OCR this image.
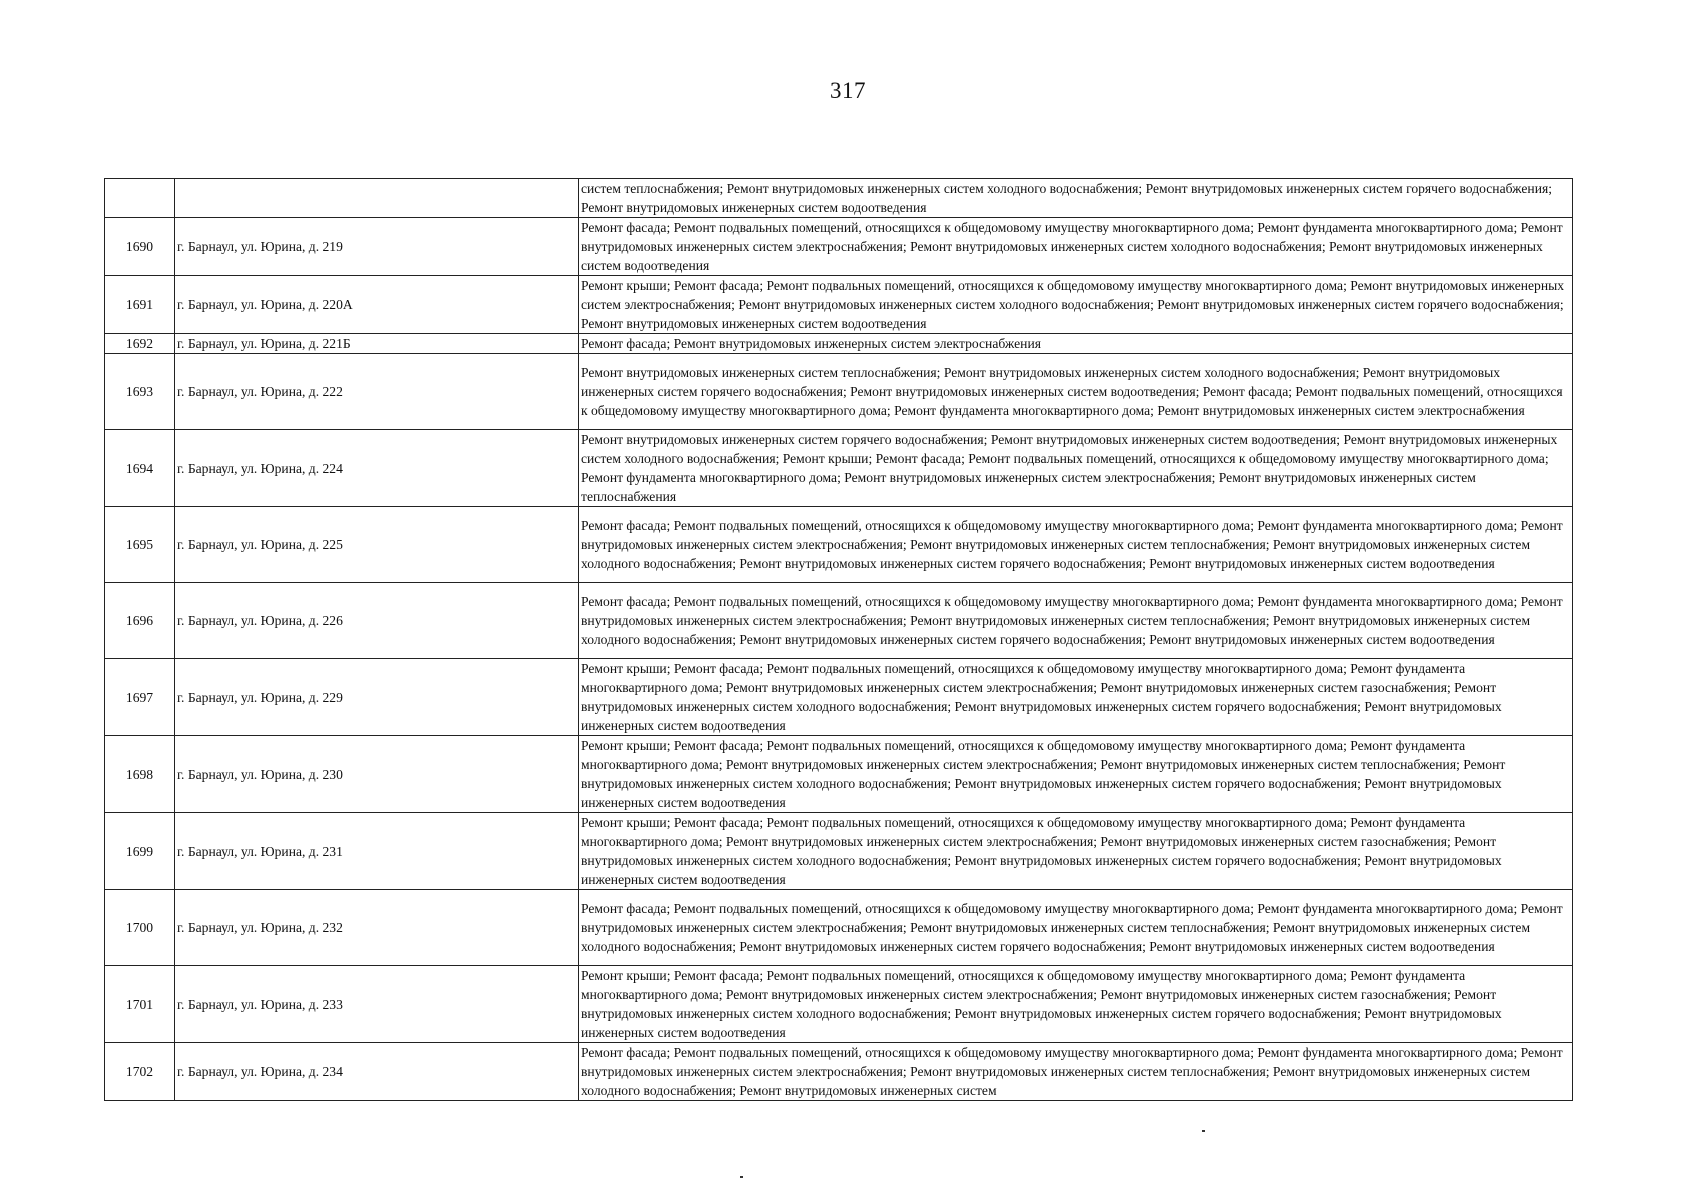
317
		систем теплоснабжения; Ремонт внутридомовых инженерных систем холодного водоснабжения; Ремонт внутридомовых инженерных систем горячего водоснабжения; Ремонт внутридомовых инженерных систем водоотведения
1690	г. Барнаул, ул. Юрина, д. 219	Ремонт фасада; Ремонт подвальных помещений, относящихся к общедомовому имуществу многоквартирного дома; Ремонт фундамента многоквартирного дома; Ремонт внутридомовых инженерных систем электроснабжения; Ремонт внутридомовых инженерных систем холодного водоснабжения; Ремонт внутридомовых инженерных систем водоотведения
1691	г. Барнаул, ул. Юрина, д. 220А	Ремонт крыши; Ремонт фасада; Ремонт подвальных помещений, относящихся к общедомовому имуществу многоквартирного дома; Ремонт внутридомовых инженерных систем электроснабжения; Ремонт внутридомовых инженерных систем холодного водоснабжения; Ремонт внутридомовых инженерных систем горячего водоснабжения; Ремонт внутридомовых инженерных систем водоотведения
1692	г. Барнаул, ул. Юрина, д. 221Б	Ремонт фасада; Ремонт внутридомовых инженерных систем электроснабжения
1693	г. Барнаул, ул. Юрина, д. 222	Ремонт внутридомовых инженерных систем теплоснабжения; Ремонт внутридомовых инженерных систем холодного водоснабжения; Ремонт внутридомовых инженерных систем горячего водоснабжения; Ремонт внутридомовых инженерных систем водоотведения; Ремонт фасада; Ремонт подвальных помещений, относящихся к общедомовому имуществу многоквартирного дома; Ремонт фундамента многоквартирного дома; Ремонт внутридомовых инженерных систем электроснабжения
1694	г. Барнаул, ул. Юрина, д. 224	Ремонт внутридомовых инженерных систем горячего водоснабжения; Ремонт внутридомовых инженерных систем водоотведения; Ремонт внутридомовых инженерных систем холодного водоснабжения; Ремонт крыши; Ремонт фасада; Ремонт подвальных помещений, относящихся к общедомовому имуществу многоквартирного дома; Ремонт фундамента многоквартирного дома; Ремонт внутридомовых инженерных систем электроснабжения; Ремонт внутридомовых инженерных систем теплоснабжения
1695	г. Барнаул, ул. Юрина, д. 225	Ремонт фасада; Ремонт подвальных помещений, относящихся к общедомовому имуществу многоквартирного дома; Ремонт фундамента многоквартирного дома; Ремонт внутридомовых инженерных систем электроснабжения; Ремонт внутридомовых инженерных систем теплоснабжения; Ремонт внутридомовых инженерных систем холодного водоснабжения; Ремонт внутридомовых инженерных систем горячего водоснабжения; Ремонт внутридомовых инженерных систем водоотведения
1696	г. Барнаул, ул. Юрина, д. 226	Ремонт фасада; Ремонт подвальных помещений, относящихся к общедомовому имуществу многоквартирного дома; Ремонт фундамента многоквартирного дома; Ремонт внутридомовых инженерных систем электроснабжения; Ремонт внутридомовых инженерных систем теплоснабжения; Ремонт внутридомовых инженерных систем холодного водоснабжения; Ремонт внутридомовых инженерных систем горячего водоснабжения; Ремонт внутридомовых инженерных систем водоотведения
1697	г. Барнаул, ул. Юрина, д. 229	Ремонт крыши; Ремонт фасада; Ремонт подвальных помещений, относящихся к общедомовому имуществу многоквартирного дома; Ремонт фундамента многоквартирного дома; Ремонт внутридомовых инженерных систем электроснабжения; Ремонт внутридомовых инженерных систем газоснабжения; Ремонт внутридомовых инженерных систем холодного водоснабжения; Ремонт внутридомовых инженерных систем горячего водоснабжения; Ремонт внутридомовых инженерных систем водоотведения
1698	г. Барнаул, ул. Юрина, д. 230	Ремонт крыши; Ремонт фасада; Ремонт подвальных помещений, относящихся к общедомовому имуществу многоквартирного дома; Ремонт фундамента многоквартирного дома; Ремонт внутридомовых инженерных систем электроснабжения; Ремонт внутридомовых инженерных систем теплоснабжения; Ремонт внутридомовых инженерных систем холодного водоснабжения; Ремонт внутридомовых инженерных систем горячего водоснабжения; Ремонт внутридомовых инженерных систем водоотведения
1699	г. Барнаул, ул. Юрина, д. 231	Ремонт крыши; Ремонт фасада; Ремонт подвальных помещений, относящихся к общедомовому имуществу многоквартирного дома; Ремонт фундамента многоквартирного дома; Ремонт внутридомовых инженерных систем электроснабжения; Ремонт внутридомовых инженерных систем газоснабжения; Ремонт внутридомовых инженерных систем холодного водоснабжения; Ремонт внутридомовых инженерных систем горячего водоснабжения; Ремонт внутридомовых инженерных систем водоотведения
1700	г. Барнаул, ул. Юрина, д. 232	Ремонт фасада; Ремонт подвальных помещений, относящихся к общедомовому имуществу многоквартирного дома; Ремонт фундамента многоквартирного дома; Ремонт внутридомовых инженерных систем электроснабжения; Ремонт внутридомовых инженерных систем теплоснабжения; Ремонт внутридомовых инженерных систем холодного водоснабжения; Ремонт внутридомовых инженерных систем горячего водоснабжения; Ремонт внутридомовых инженерных систем водоотведения
1701	г. Барнаул, ул. Юрина, д. 233	Ремонт крыши; Ремонт фасада; Ремонт подвальных помещений, относящихся к общедомовому имуществу многоквартирного дома; Ремонт фундамента многоквартирного дома; Ремонт внутридомовых инженерных систем электроснабжения; Ремонт внутридомовых инженерных систем газоснабжения; Ремонт внутридомовых инженерных систем холодного водоснабжения; Ремонт внутридомовых инженерных систем горячего водоснабжения; Ремонт внутридомовых инженерных систем водоотведения
1702	г. Барнаул, ул. Юрина, д. 234	Ремонт фасада; Ремонт подвальных помещений, относящихся к общедомовому имуществу многоквартирного дома; Ремонт фундамента многоквартирного дома; Ремонт внутридомовых инженерных систем электроснабжения; Ремонт внутридомовых инженерных систем теплоснабжения; Ремонт внутридомовых инженерных систем холодного водоснабжения; Ремонт внутридомовых инженерных систем
